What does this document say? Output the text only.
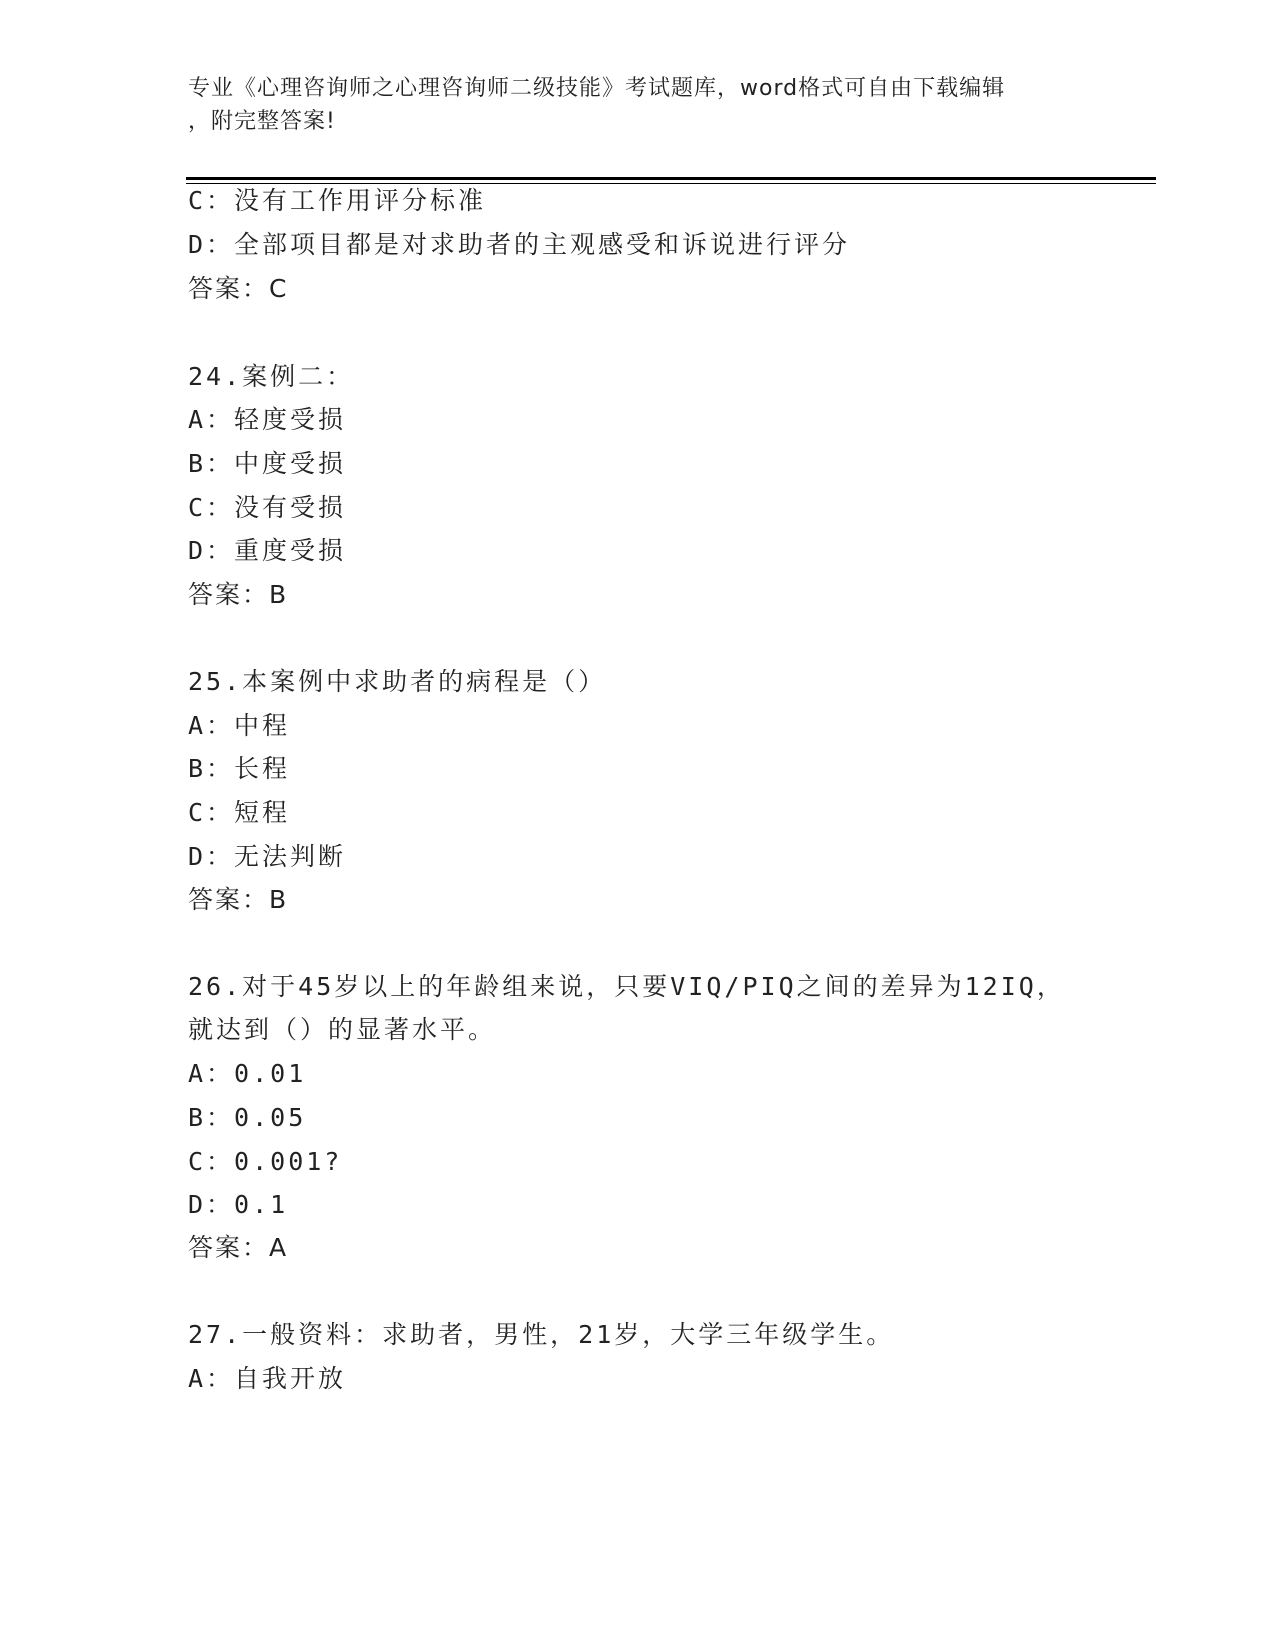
专业《心理咨询师之心理咨询师二级技能》考试题库，word格式可自由下载编辑
，附完整答案!
C：没有工作用评分标准
D：全部项目都是对求助者的主观感受和诉说进行评分
答案：C
24.案例二：
A：轻度受损
B：中度受损
C：没有受损
D：重度受损
答案：B
25.本案例中求助者的病程是（）
A：中程
B：长程
C：短程
D：无法判断
答案：B
26.对于45岁以上的年龄组来说，只要VIQ/PIQ之间的差异为12IQ，
就达到（）的显著水平。
A：0.01
B：0.05
C：0.001?
D：0.1
答案：A
27.一般资料：求助者，男性，21岁，大学三年级学生。
A：自我开放
